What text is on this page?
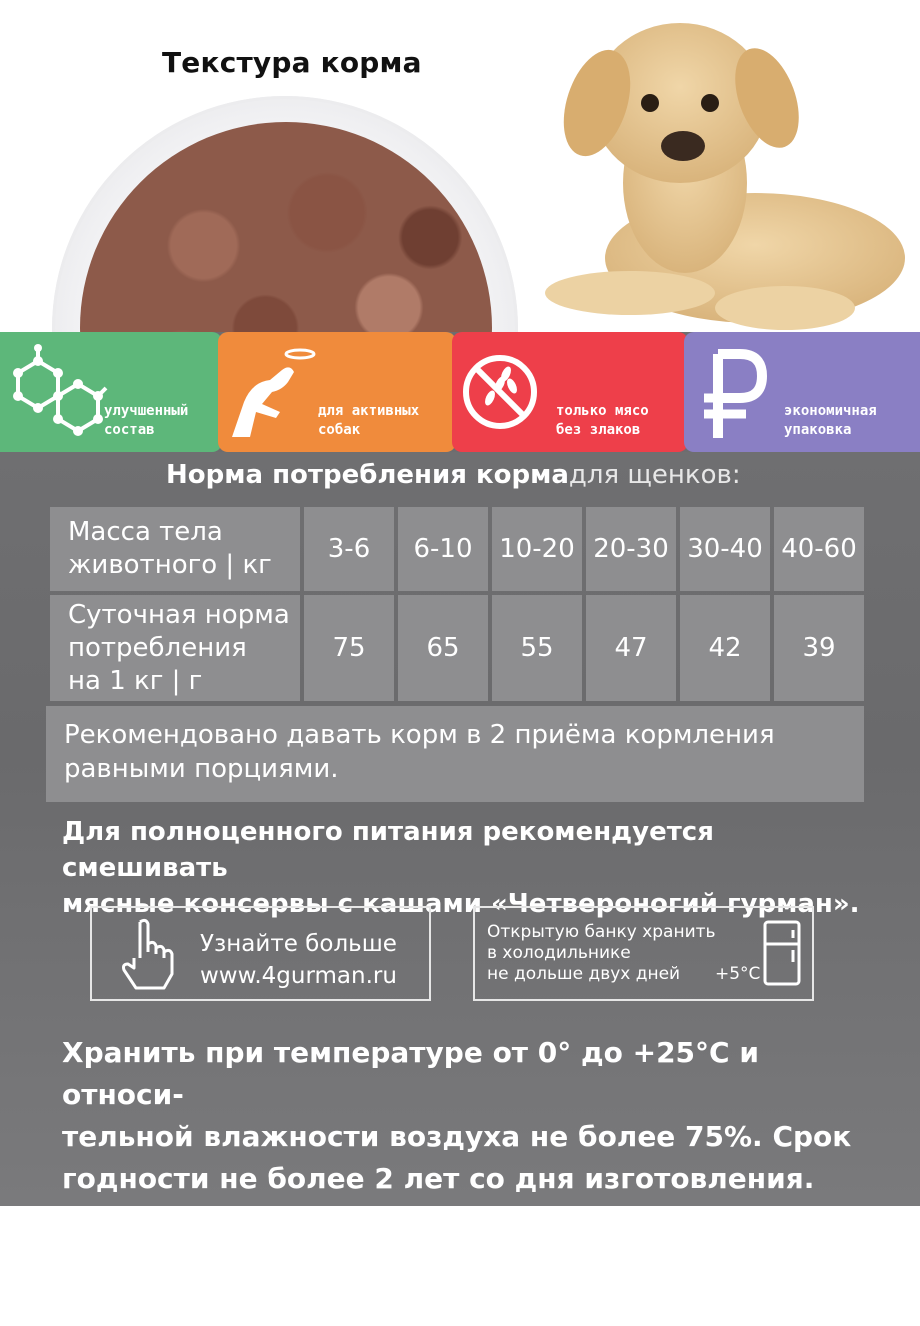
Текстура корма
улучшенный
состав
для активных
собак
только мясо
без злаков
экономичная
упаковка
Норма потребления кормадля щенков:
Масса тела
животного | кг	3-6	6-10	10-20	20-30	30-40	40-60

Суточная норма
потребления
на 1 кг | г	75	65	55	47	42	39
Рекомендовано давать корм в 2 приёма кормления
равными порциями.
Для полноценного питания рекомендуется смешивать
мясные консервы с кашами «Четвероногий гурман».
Узнайте больше
www.4gurman.ru
Открытую банку хранить
в холодильнике
не дольше двух дней	+5°C
Хранить при температуре от 0° до +25°С и относи-
тельной влажности воздуха не более 75%. Срок
годности не более 2 лет со дня изготовления. Дата
изготовления и код изготовителя указаны на банке.
